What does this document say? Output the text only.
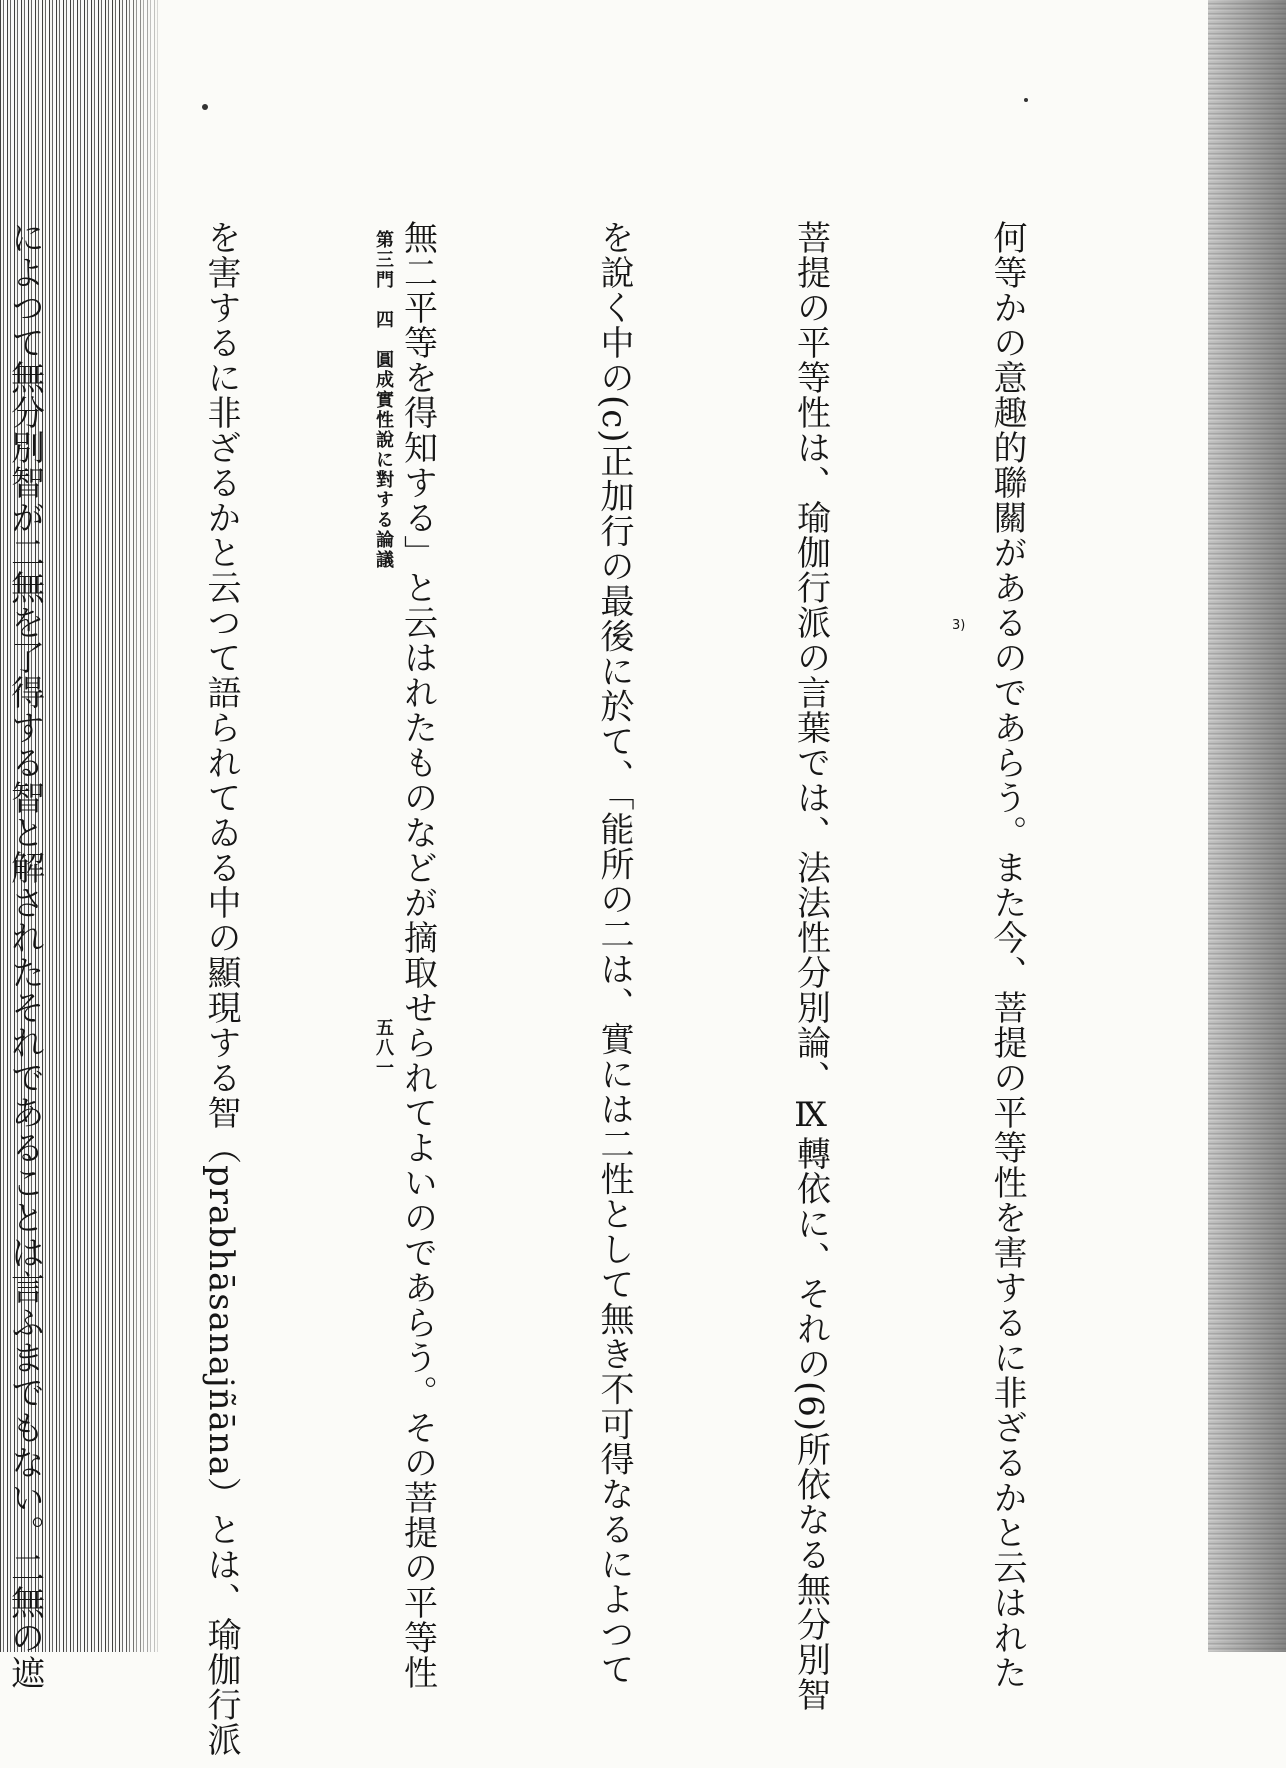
何等かの意趣的聯關があるのであらう。また今、菩提の平等性を害するに非ざるかと云はれた

菩提の平等性は、瑜伽行派の言葉では、法法性分別論、Ⅸ轉依に、それの(6)所依なる無分別智

を說く中の(c)正加行の最後に於て、「能所の二は、實には二性として無き不可得なるによつて

無二平等を得知する」と云はれたものなどが摘取せられてよいのであらう。その菩提の平等性

を害するに非ざるかと云つて語られてゐる中の顯現する智（prabhāsanajñāna）とは、瑜伽行派

によつて無分別智が二無を了得する智と解されたそれであることは言ふまでもない。二無の遮

	3)
第三門　四　圓成實性說に對する論議
五八一
